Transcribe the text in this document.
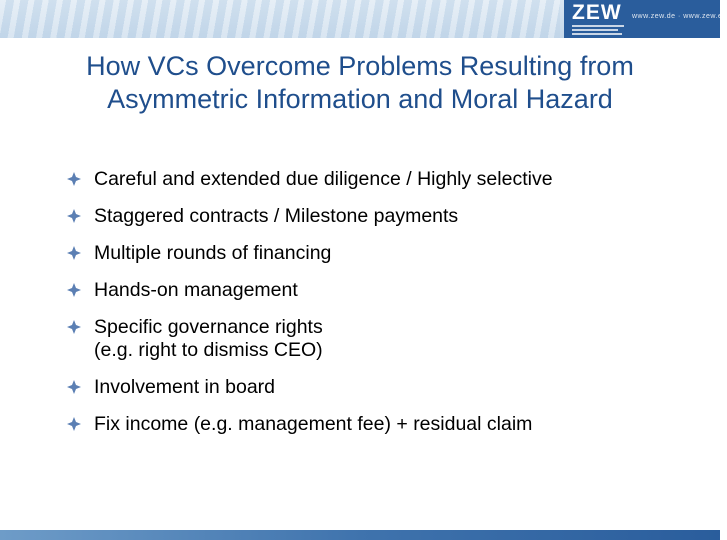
ZEW	www.zew.de · www.zew.eu
How VCs Overcome Problems Resulting from
Asymmetric Information and Moral Hazard
Careful and extended due diligence / Highly selective
Staggered contracts / Milestone payments
Multiple rounds of financing
Hands-on management
Specific governance rights
(e.g. right to dismiss CEO)
Involvement in board
Fix income (e.g. management fee) + residual claim
